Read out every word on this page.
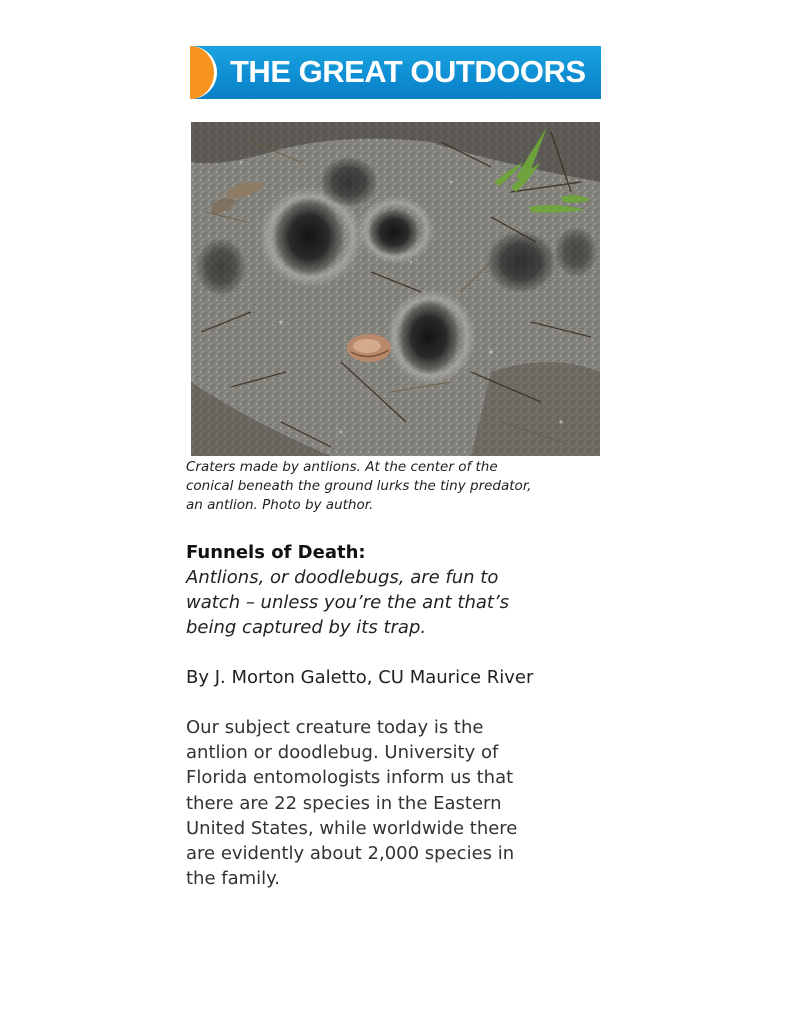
THE GREAT OUTDOORS
Craters made by antlions. At the center of the
conical beneath the ground lurks the tiny predator,
an antlion. Photo by author.
Funnels of Death:
Antlions, or doodlebugs, are fun to
watch – unless you’re the ant that’s
being captured by its trap.
By J. Morton Galetto, CU Maurice River
Our subject creature today is the
antlion or doodlebug. University of
Florida entomologists inform us that
there are 22 species in the Eastern
United States, while worldwide there
are evidently about 2,000 species in
the family.
